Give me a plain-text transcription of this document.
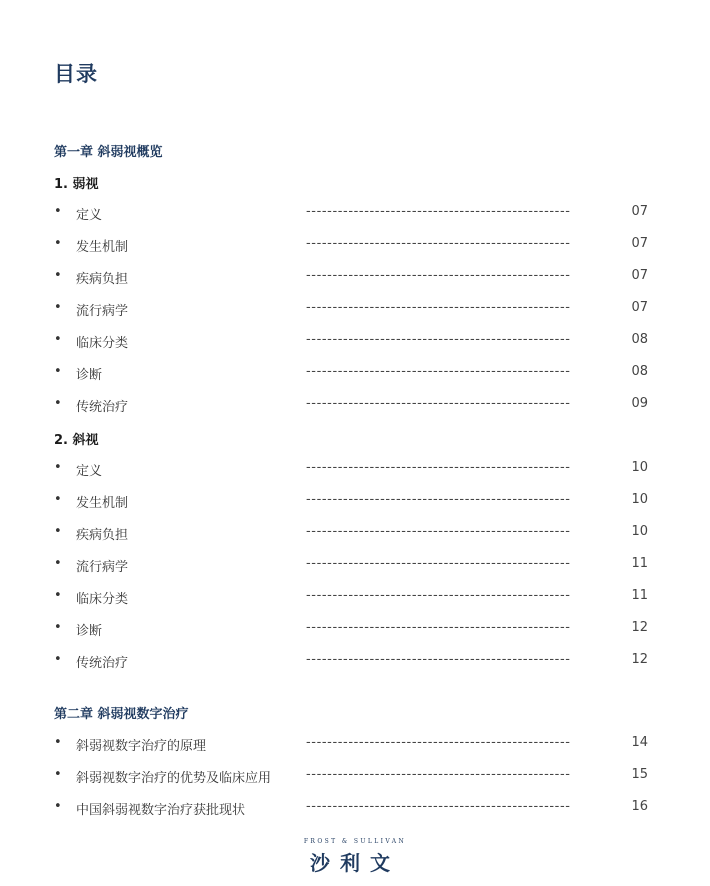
目录
第一章 斜弱视概览
1. 弱视
• 定义	--------------------------------------------------	07
• 发生机制	--------------------------------------------------	07
• 疾病负担	--------------------------------------------------	07
• 流行病学	--------------------------------------------------	07
• 临床分类	--------------------------------------------------	08
• 诊断	--------------------------------------------------	08
• 传统治疗	--------------------------------------------------	09
2. 斜视
• 定义	--------------------------------------------------	10
• 发生机制	--------------------------------------------------	10
• 疾病负担	--------------------------------------------------	10
• 流行病学	--------------------------------------------------	11
• 临床分类	--------------------------------------------------	11
• 诊断	--------------------------------------------------	12
• 传统治疗	--------------------------------------------------	12
第二章 斜弱视数字治疗
• 斜弱视数字治疗的原理	--------------------------------------------------	14
• 斜弱视数字治疗的优势及临床应用	--------------------------------------------------	15
• 中国斜弱视数字治疗获批现状	--------------------------------------------------	16
FROST & SULLIVAN
沙利文
